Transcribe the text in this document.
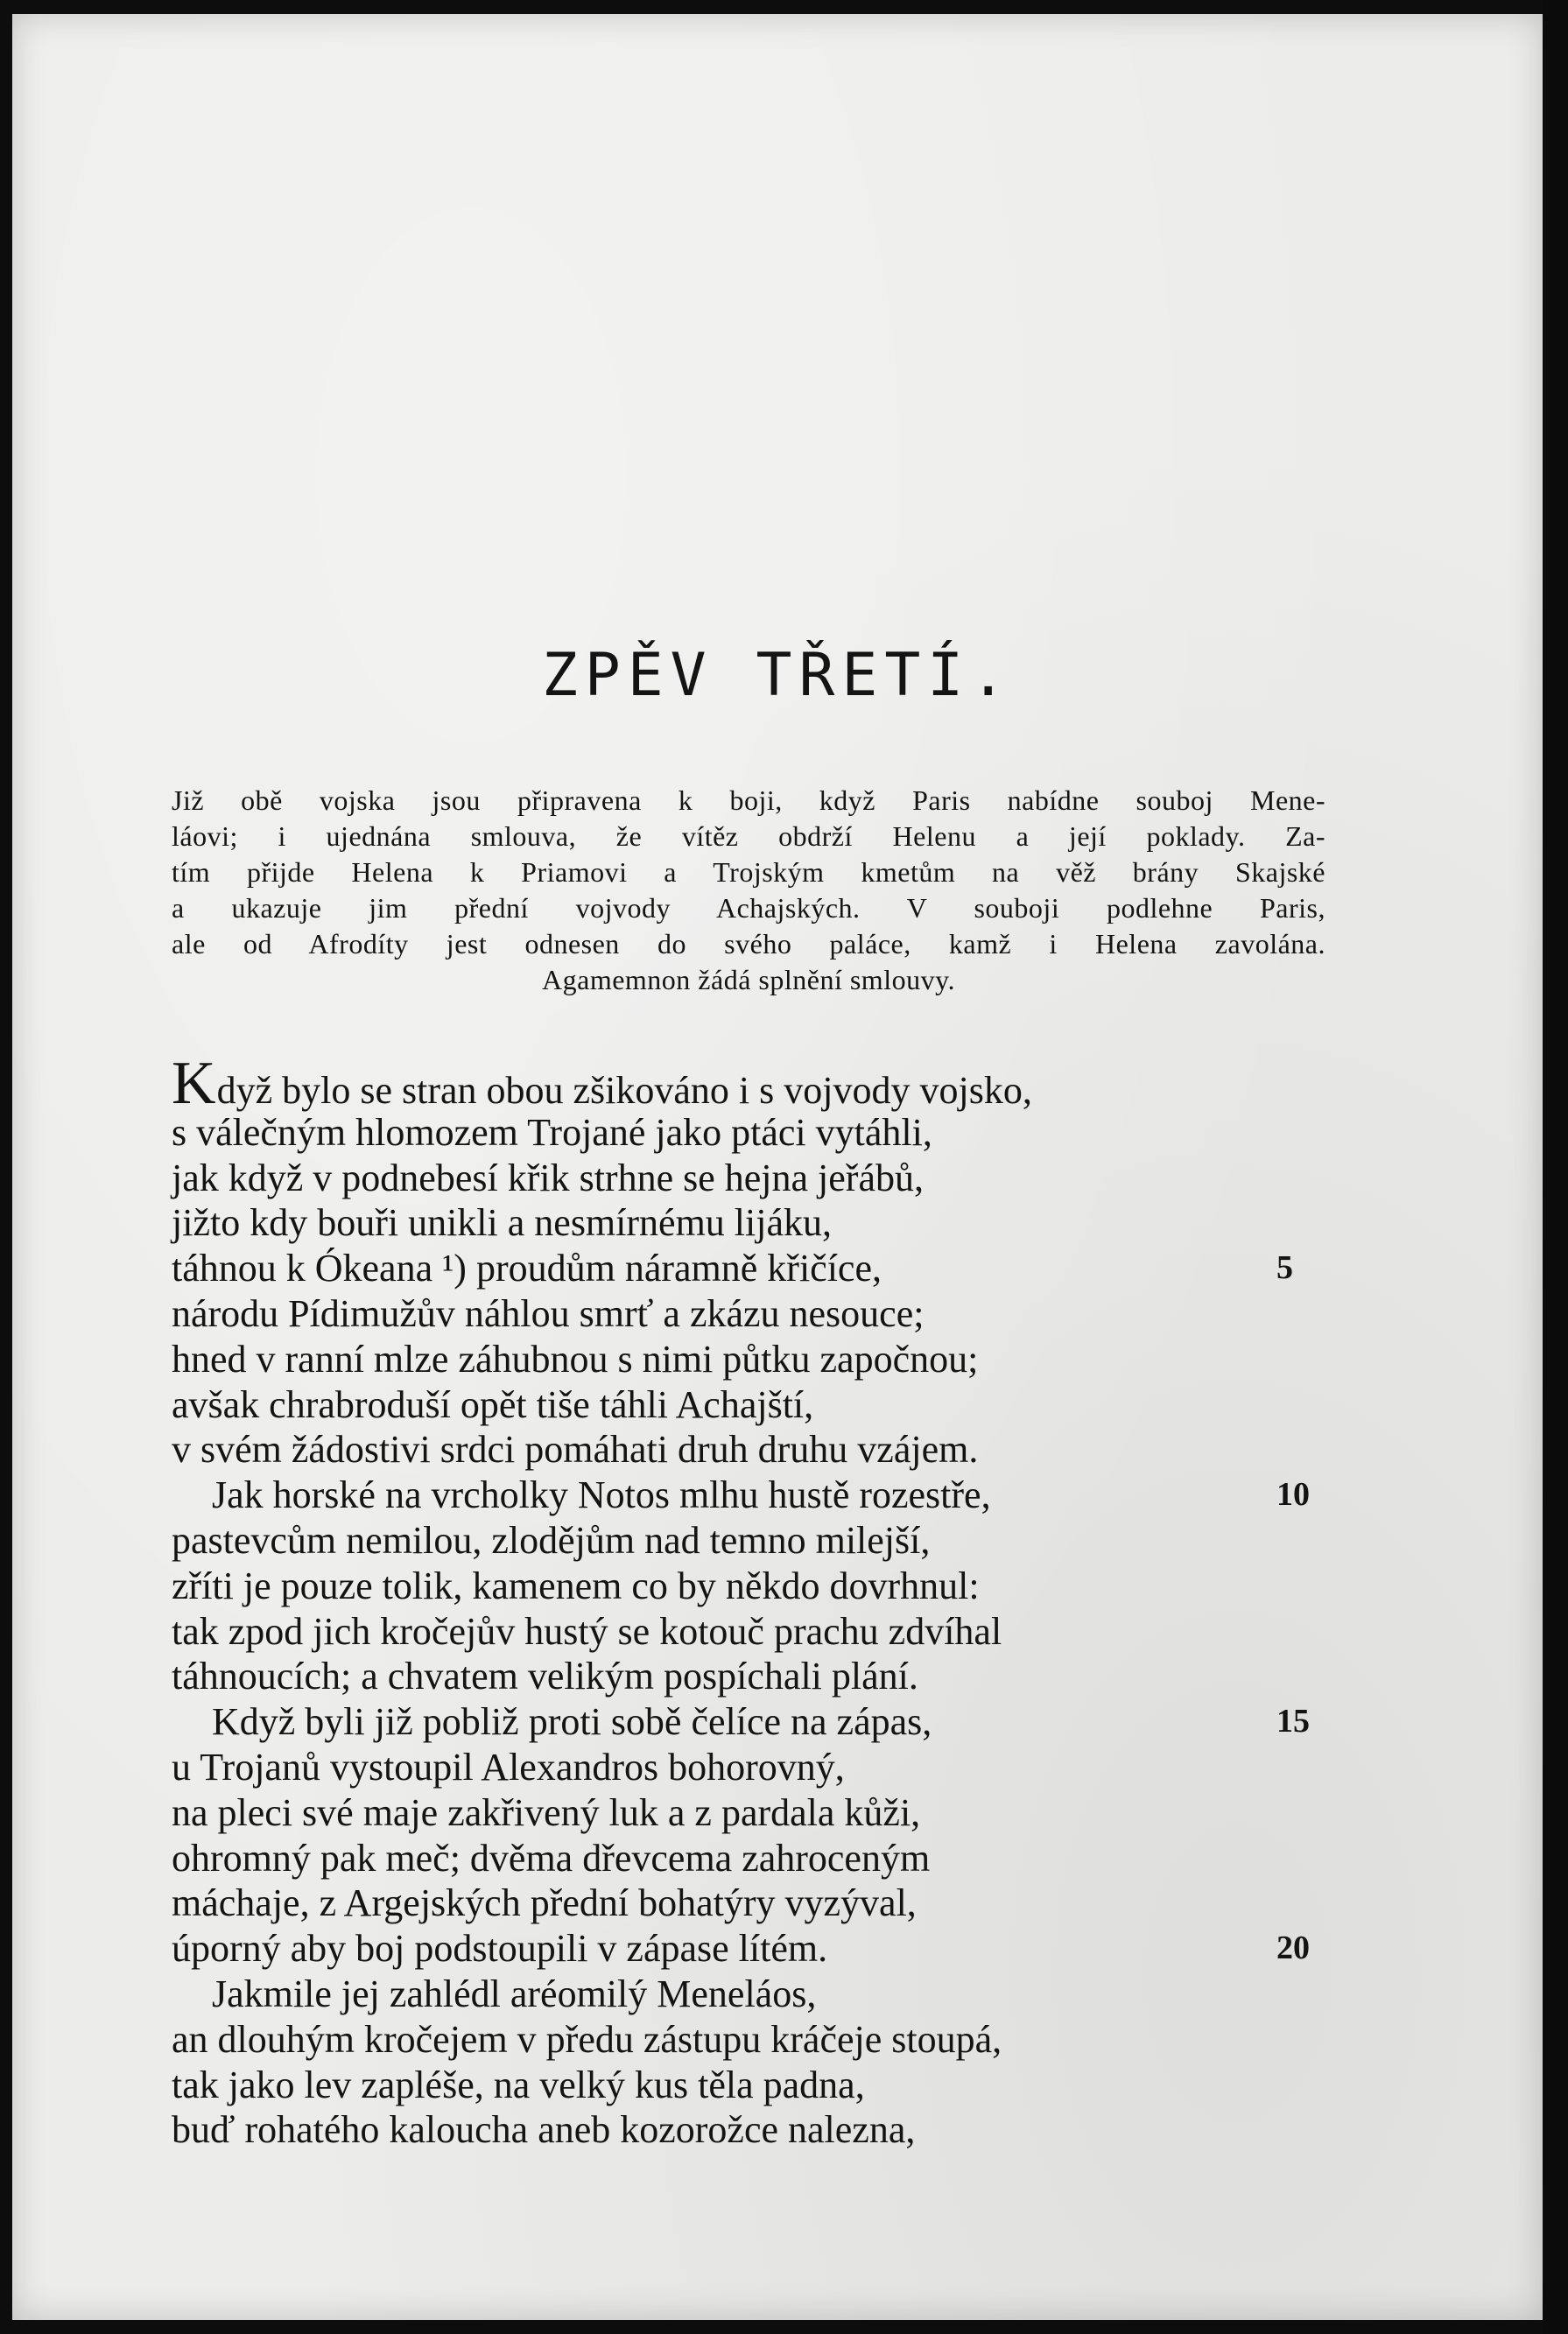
ZPĚV TŘETÍ.
Již obě vojska jsou připravena k boji, když Paris nabídne souboj Mene-
láovi; i ujednána smlouva, že vítěz obdrží Helenu a její poklady. Za-
tím přijde Helena k Priamovi a Trojským kmetům na věž brány Skajské
a ukazuje jim přední vojvody Achajských. V souboji podlehne Paris,
ale od Afrodíty jest odnesen do svého paláce, kamž i Helena zavolána.
Agamemnon žádá splnění smlouvy.
Když bylo se stran obou zšikováno i s vojvody vojsko,
s válečným hlomozem Trojané jako ptáci vytáhli,
jak když v podnebesí křik strhne se hejna jeřábů,
jižto kdy bouři unikli a nesmírnému lijáku,
táhnou k Ókeana ¹) proudům náramně křičíce,	5
národu Pídimužův náhlou smrť a zkázu nesouce;
hned v ranní mlze záhubnou s nimi půtku započnou;
avšak chrabroduší opět tiše táhli Achajští,
v svém žádostivi srdci pomáhati druh druhu vzájem.
Jak horské na vrcholky Notos mlhu hustě rozestře,	10
pastevcům nemilou, zlodějům nad temno milejší,
zříti je pouze tolik, kamenem co by někdo dovrhnul:
tak zpod jich kročejův hustý se kotouč prachu zdvíhal
táhnoucích; a chvatem velikým pospíchali plání.
Když byli již pobliž proti sobě čelíce na zápas,	15
u Trojanů vystoupil Alexandros bohorovný,
na pleci své maje zakřivený luk a z pardala kůži,
ohromný pak meč; dvěma dřevcema zahroceným
máchaje, z Argejských přední bohatýry vyzýval,
úporný aby boj podstoupili v zápase lítém.	20
Jakmile jej zahlédl aréomilý Meneláos,
an dlouhým kročejem v předu zástupu kráčeje stoupá,
tak jako lev zapléše, na velký kus těla padna,
buď rohatého kaloucha aneb kozorožce nalezna,
